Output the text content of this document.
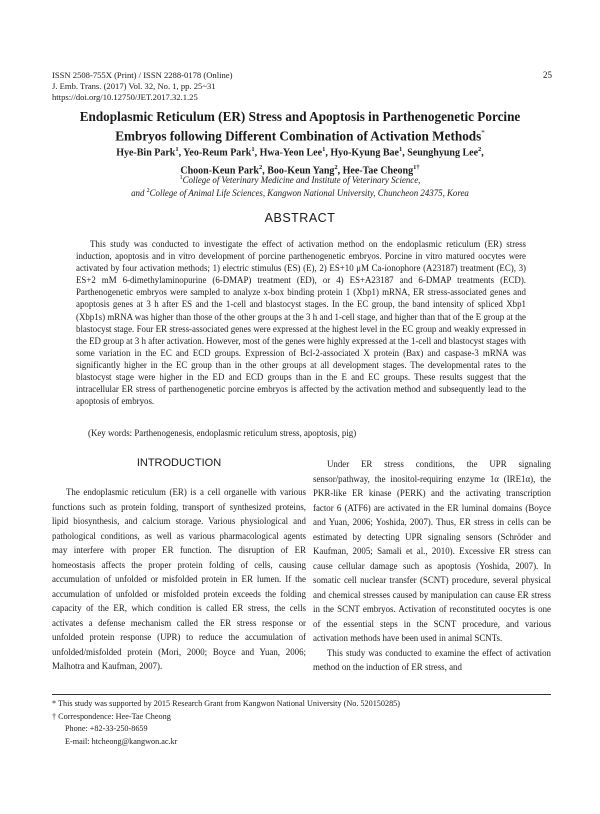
ISSN 2508-755X (Print) / ISSN 2288-0178 (Online)
J. Emb. Trans. (2017) Vol. 32, No. 1, pp. 25~31
https://doi.org/10.12750/JET.2017.32.1.25
25
Endoplasmic Reticulum (ER) Stress and Apoptosis in Parthenogenetic Porcine
Embryos following Different Combination of Activation Methods*
Hye-Bin Park$^1$, Yeo-Reum Park$^1$, Hwa-Yeon Lee$^1$, Hyo-Kyung Bae$^1$, Seunghyung Lee$^2$,
Choon-Keun Park$^2$, Boo-Keun Yang$^2$, Hee-Tae Cheong$^{1\dagger}$
$^1$College of Veterinary Medicine and Institute of Veterinary Science,
and $^2$College of Animal Life Sciences, Kangwon National University, Chuncheon 24375, Korea
ABSTRACT
This study was conducted to investigate the effect of activation method on the endoplasmic reticulum (ER) stress induction, apoptosis and in vitro development of porcine parthenogenetic embryos. Porcine in vitro matured oocytes were activated by four activation methods; 1) electric stimulus (ES) (E), 2) ES+10 μM Ca-ionophore (A23187) treatment (EC), 3) ES+2 mM 6-dimethylaminopurine (6-DMAP) treatment (ED), or 4) ES+A23187 and 6-DMAP treatments (ECD). Parthenogenetic embryos were sampled to analyze x-box binding protein 1 (Xbp1) mRNA, ER stress-associated genes and apoptosis genes at 3 h after ES and the 1-cell and blastocyst stages. In the EC group, the band intensity of spliced Xbp1 (Xbp1s) mRNA was higher than those of the other groups at the 3 h and 1-cell stage, and higher than that of the E group at the blastocyst stage. Four ER stress-associated genes were expressed at the highest level in the EC group and weakly expressed in the ED group at 3 h after activation. However, most of the genes were highly expressed at the 1-cell and blastocyst stages with some variation in the EC and ECD groups. Expression of Bcl-2-associated X protein (Bax) and caspase-3 mRNA was significantly higher in the EC group than in the other groups at all development stages. The developmental rates to the blastocyst stage were higher in the ED and ECD groups than in the E and EC groups. These results suggest that the intracellular ER stress of parthenogenetic porcine embryos is affected by the activation method and subsequently lead to the apoptosis of embryos.
(Key words: Parthenogenesis, endoplasmic reticulum stress, apoptosis, pig)
INTRODUCTION
The endoplasmic reticulum (ER) is a cell organelle with various functions such as protein folding, transport of synthesized proteins, lipid biosynthesis, and calcium storage. Various physiological and pathological conditions, as well as various pharmacological agents may interfere with proper ER function. The disruption of ER homeostasis affects the proper protein folding of cells, causing accumulation of unfolded or misfolded protein in ER lumen. If the accumulation of unfolded or misfolded protein exceeds the folding capacity of the ER, which condition is called ER stress, the cells activates a defense mechanism called the ER stress response or unfolded protein response (UPR) to reduce the accumulation of unfolded/misfolded protein (Mori, 2000; Boyce and Yuan, 2006; Malhotra and Kaufman, 2007).

Under ER stress conditions, the UPR signaling sensor/pathway, the inositol-requiring enzyme 1α (IRE1α), the PKR-like ER kinase (PERK) and the activating transcription factor 6 (ATF6) are activated in the ER luminal domains (Boyce and Yuan, 2006; Yoshida, 2007). Thus, ER stress in cells can be estimated by detecting UPR signaling sensors (Schröder and Kaufman, 2005; Samali et al., 2010). Excessive ER stress can cause cellular damage such as apoptosis (Yoshida, 2007). In somatic cell nuclear transfer (SCNT) procedure, several physical and chemical stresses caused by manipulation can cause ER stress in the SCNT embryos. Activation of reconstituted oocytes is one of the essential steps in the SCNT procedure, and various activation methods have been used in animal SCNTs.

This study was conducted to examine the effect of activation method on the induction of ER stress, and

* This study was supported by 2015 Research Grant from Kangwon National University (No. 520150285)
† Correspondence: Hee-Tae Cheong
Phone: +82-33-250-8659
E-mail: htcheong@kangwon.ac.kr
